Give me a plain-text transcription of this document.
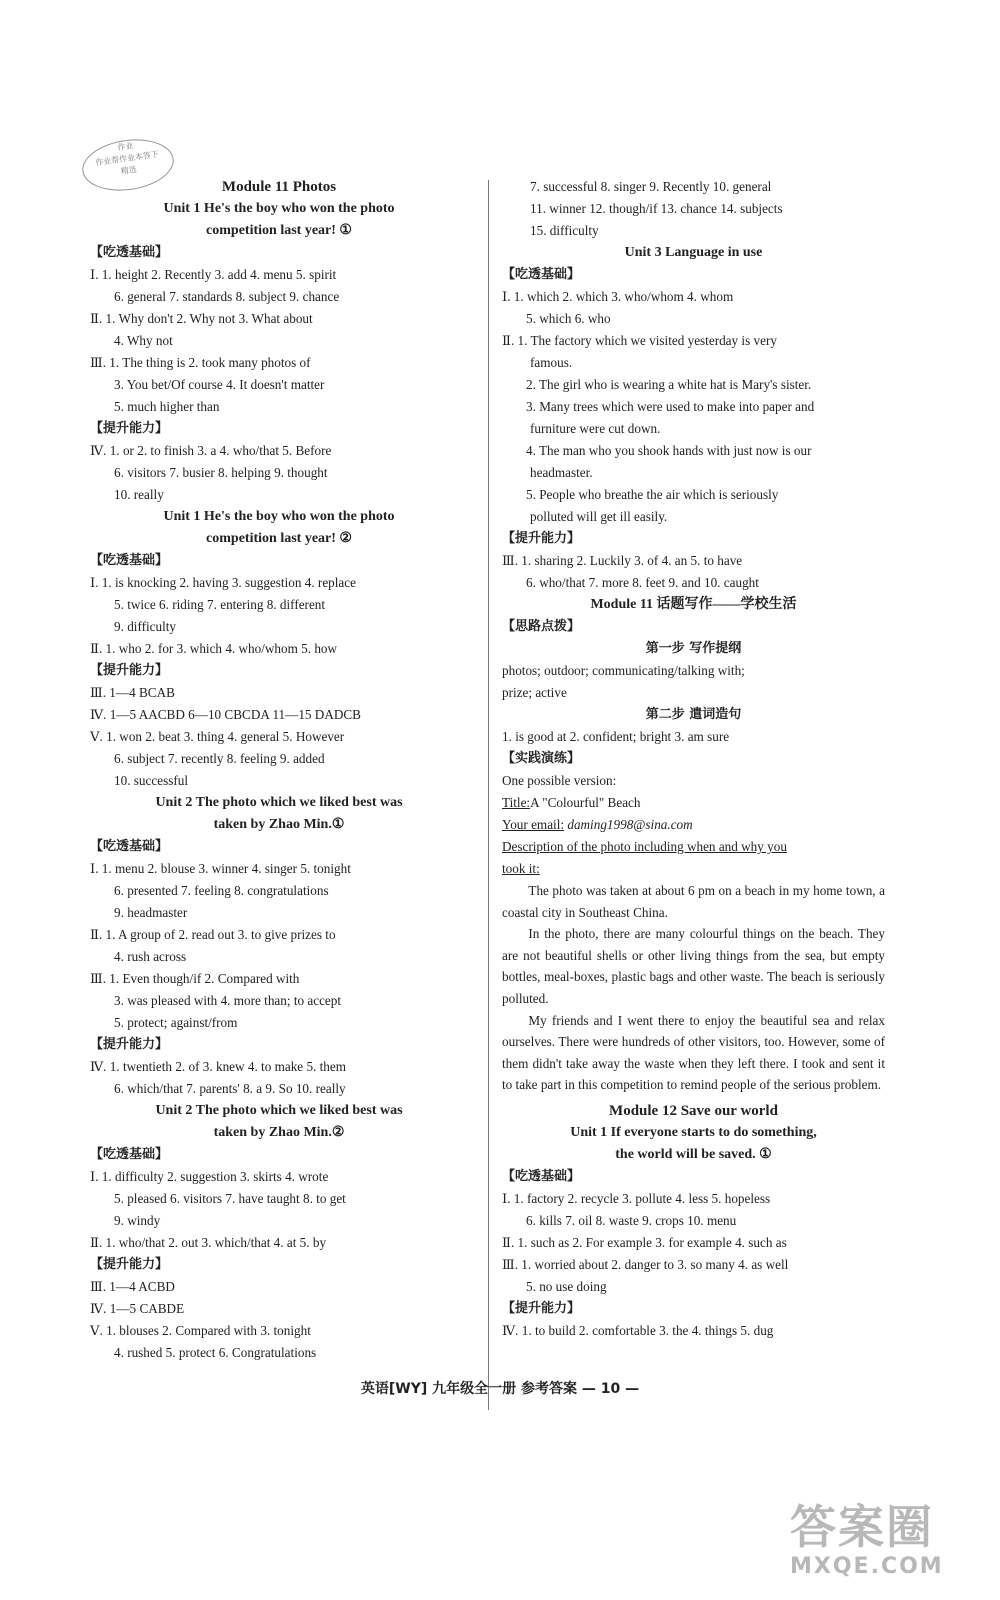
作业
作业帮作业本答下
精选
Module 11 Photos
Unit 1 He's the boy who won the photo
competition last year! ①
【吃透基础】
Ⅰ. 1. height 2. Recently 3. add 4. menu 5. spirit
6. general 7. standards 8. subject 9. chance
Ⅱ. 1. Why don't 2. Why not 3. What about
4. Why not
Ⅲ. 1. The thing is 2. took many photos of
3. You bet/Of course 4. It doesn't matter
5. much higher than
【提升能力】
Ⅳ. 1. or 2. to finish 3. a 4. who/that 5. Before
6. visitors 7. busier 8. helping 9. thought
10. really
Unit 1 He's the boy who won the photo
competition last year! ②
【吃透基础】
Ⅰ. 1. is knocking 2. having 3. suggestion 4. replace
5. twice 6. riding 7. entering 8. different
9. difficulty
Ⅱ. 1. who 2. for 3. which 4. who/whom 5. how
【提升能力】
Ⅲ. 1—4 BCAB
Ⅳ. 1—5 AACBD 6—10 CBCDA 11—15 DADCB
Ⅴ. 1. won 2. beat 3. thing 4. general 5. However
6. subject 7. recently 8. feeling 9. added
10. successful
Unit 2 The photo which we liked best was
taken by Zhao Min.①
【吃透基础】
Ⅰ. 1. menu 2. blouse 3. winner 4. singer 5. tonight
6. presented 7. feeling 8. congratulations
9. headmaster
Ⅱ. 1. A group of 2. read out 3. to give prizes to
4. rush across
Ⅲ. 1. Even though/if 2. Compared with
3. was pleased with 4. more than; to accept
5. protect; against/from
【提升能力】
Ⅳ. 1. twentieth 2. of 3. knew 4. to make 5. them
6. which/that 7. parents' 8. a 9. So 10. really
Unit 2 The photo which we liked best was
taken by Zhao Min.②
【吃透基础】
Ⅰ. 1. difficulty 2. suggestion 3. skirts 4. wrote
5. pleased 6. visitors 7. have taught 8. to get
9. windy
Ⅱ. 1. who/that 2. out 3. which/that 4. at 5. by
【提升能力】
Ⅲ. 1—4 ACBD
Ⅳ. 1—5 CABDE
Ⅴ. 1. blouses 2. Compared with 3. tonight
4. rushed 5. protect 6. Congratulations
7. successful 8. singer 9. Recently 10. general
11. winner 12. though/if 13. chance 14. subjects
15. difficulty
Unit 3 Language in use
【吃透基础】
Ⅰ. 1. which 2. which 3. who/whom 4. whom
5. which 6. who
Ⅱ. 1. The factory which we visited yesterday is very
famous.
2. The girl who is wearing a white hat is Mary's sister.
3. Many trees which were used to make into paper and
furniture were cut down.
4. The man who you shook hands with just now is our
headmaster.
5. People who breathe the air which is seriously
polluted will get ill easily.
【提升能力】
Ⅲ. 1. sharing 2. Luckily 3. of 4. an 5. to have
6. who/that 7. more 8. feet 9. and 10. caught
Module 11 话题写作——学校生活
【思路点拨】
第一步 写作提纲
photos; outdoor; communicating/talking with;
prize; active
第二步 遣词造句
1. is good at 2. confident; bright 3. am sure
【实践演练】
One possible version:
Title:A "Colourful" Beach
Your email: daming1998@sina.com
Description of the photo including when and why you
took it:

The photo was taken at about 6 pm on a beach in my home town, a coastal city in Southeast China.

In the photo, there are many colourful things on the beach. They are not beautiful shells or other living things from the sea, but empty bottles, meal-boxes, plastic bags and other waste. The beach is seriously polluted.

My friends and I went there to enjoy the beautiful sea and relax ourselves. There were hundreds of other visitors, too. However, some of them didn't take away the waste when they left there. I took and sent it to take part in this competition to remind people of the serious problem.

Module 12 Save our world
Unit 1 If everyone starts to do something,
the world will be saved. ①
【吃透基础】
Ⅰ. 1. factory 2. recycle 3. pollute 4. less 5. hopeless
6. kills 7. oil 8. waste 9. crops 10. menu
Ⅱ. 1. such as 2. For example 3. for example 4. such as
Ⅲ. 1. worried about 2. danger to 3. so many 4. as well
5. no use doing
【提升能力】
Ⅳ. 1. to build 2. comfortable 3. the 4. things 5. dug
英语[WY] 九年级全一册 参考答案 — 10 —
答案圈
MXQE.COM
